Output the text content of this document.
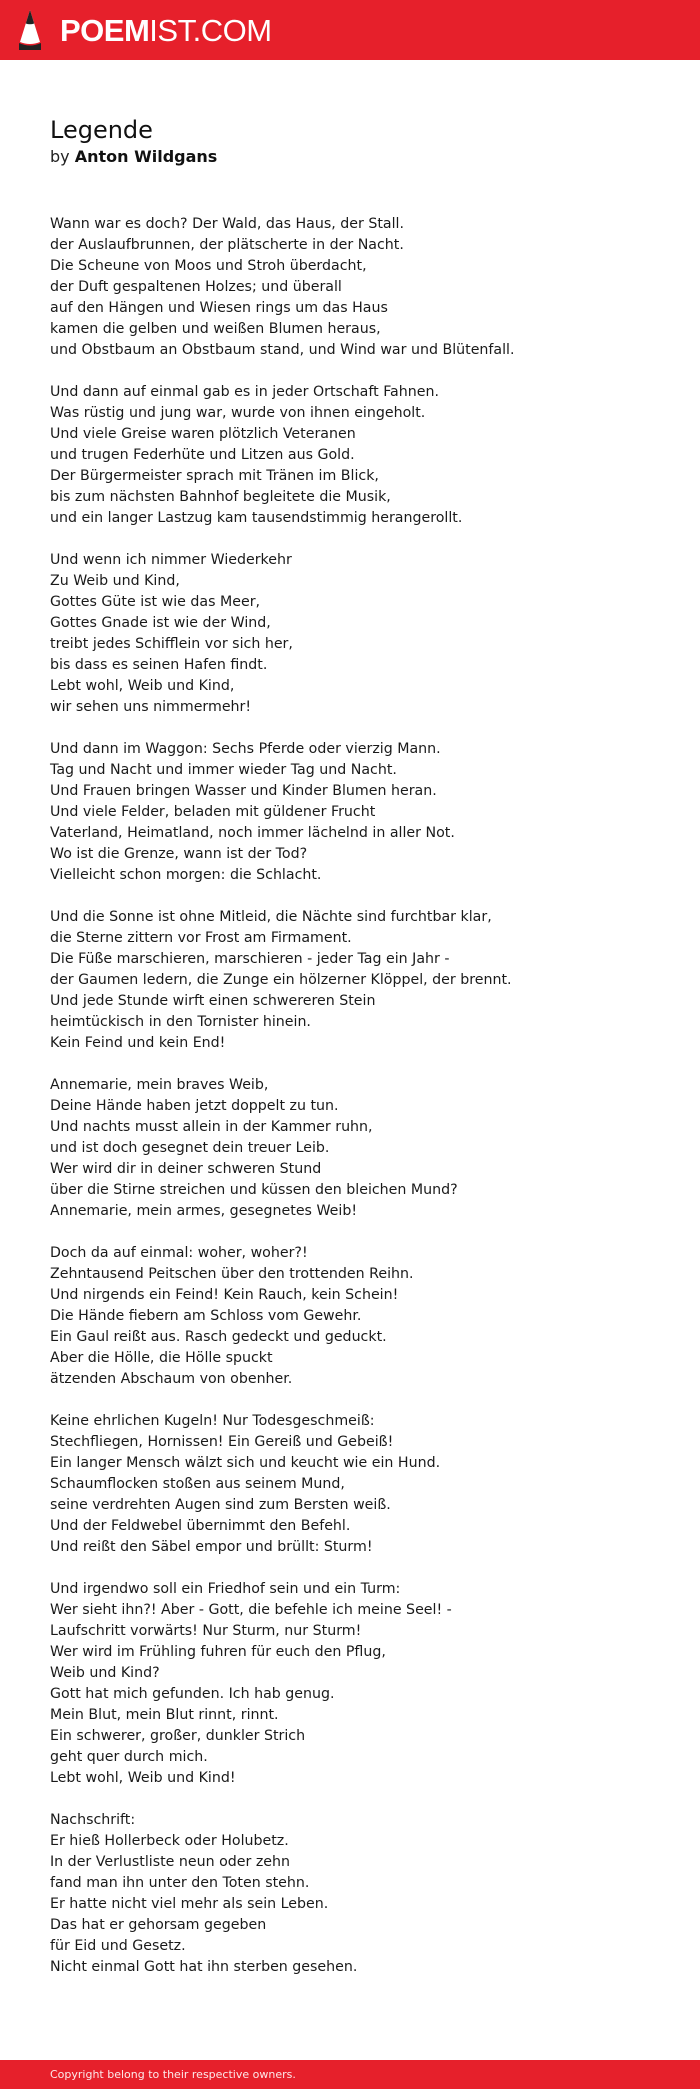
POEMIST.COM
Legende
by Anton Wildgans

Wann war es doch? Der Wald, das Haus, der Stall.
der Auslaufbrunnen, der plätscherte in der Nacht.
Die Scheune von Moos und Stroh überdacht,
der Duft gespaltenen Holzes; und überall
auf den Hängen und Wiesen rings um das Haus
kamen die gelben und weißen Blumen heraus,
und Obstbaum an Obstbaum stand, und Wind war und Blütenfall.

Und dann auf einmal gab es in jeder Ortschaft Fahnen.
Was rüstig und jung war, wurde von ihnen eingeholt.
Und viele Greise waren plötzlich Veteranen
und trugen Federhüte und Litzen aus Gold.
Der Bürgermeister sprach mit Tränen im Blick,
bis zum nächsten Bahnhof begleitete die Musik,
und ein langer Lastzug kam tausendstimmig herangerollt.

Und wenn ich nimmer Wiederkehr
Zu Weib und Kind,
Gottes Güte ist wie das Meer,
Gottes Gnade ist wie der Wind,
treibt jedes Schifflein vor sich her,
bis dass es seinen Hafen findt.
Lebt wohl, Weib und Kind,
wir sehen uns nimmermehr!

Und dann im Waggon: Sechs Pferde oder vierzig Mann.
Tag und Nacht und immer wieder Tag und Nacht.
Und Frauen bringen Wasser und Kinder Blumen heran.
Und viele Felder, beladen mit güldener Frucht
Vaterland, Heimatland, noch immer lächelnd in aller Not.
Wo ist die Grenze, wann ist der Tod?
Vielleicht schon morgen: die Schlacht.

Und die Sonne ist ohne Mitleid, die Nächte sind furchtbar klar,
die Sterne zittern vor Frost am Firmament.
Die Füße marschieren, marschieren - jeder Tag ein Jahr -
der Gaumen ledern, die Zunge ein hölzerner Klöppel, der brennt.
Und jede Stunde wirft einen schwereren Stein
heimtückisch in den Tornister hinein.
Kein Feind und kein End!

Annemarie, mein braves Weib,
Deine Hände haben jetzt doppelt zu tun.
Und nachts musst allein in der Kammer ruhn,
und ist doch gesegnet dein treuer Leib.
Wer wird dir in deiner schweren Stund
über die Stirne streichen und küssen den bleichen Mund?
Annemarie, mein armes, gesegnetes Weib!

Doch da auf einmal: woher, woher?!
Zehntausend Peitschen über den trottenden Reihn.
Und nirgends ein Feind! Kein Rauch, kein Schein!
Die Hände fiebern am Schloss vom Gewehr.
Ein Gaul reißt aus. Rasch gedeckt und geduckt.
Aber die Hölle, die Hölle spuckt
ätzenden Abschaum von obenher.

Keine ehrlichen Kugeln! Nur Todesgeschmeiß:
Stechfliegen, Hornissen! Ein Gereiß und Gebeiß!
Ein langer Mensch wälzt sich und keucht wie ein Hund.
Schaumflocken stoßen aus seinem Mund,
seine verdrehten Augen sind zum Bersten weiß.
Und der Feldwebel übernimmt den Befehl.
Und reißt den Säbel empor und brüllt: Sturm!

Und irgendwo soll ein Friedhof sein und ein Turm:
Wer sieht ihn?! Aber - Gott, die befehle ich meine Seel! -
Laufschritt vorwärts! Nur Sturm, nur Sturm!
Wer wird im Frühling fuhren für euch den Pflug,
Weib und Kind?
Gott hat mich gefunden. Ich hab genug.
Mein Blut, mein Blut rinnt, rinnt.
Ein schwerer, großer, dunkler Strich
geht quer durch mich.
Lebt wohl, Weib und Kind!

Nachschrift:
Er hieß Hollerbeck oder Holubetz.
In der Verlustliste neun oder zehn
fand man ihn unter den Toten stehn.
Er hatte nicht viel mehr als sein Leben.
Das hat er gehorsam gegeben
für Eid und Gesetz.
Nicht einmal Gott hat ihn sterben gesehen.

Copyright belong to their respective owners.
